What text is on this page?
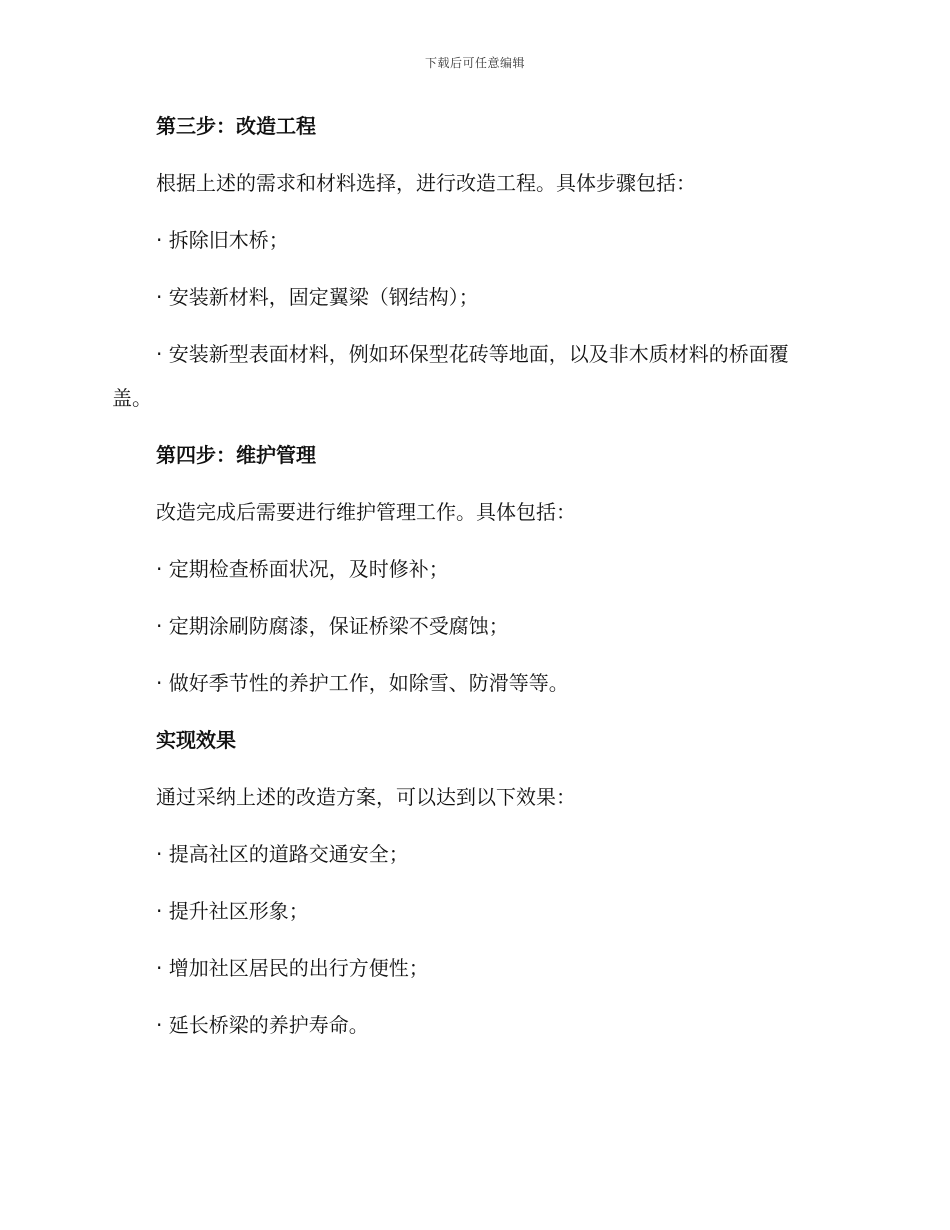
下载后可任意编辑

第三步：改造工程

根据上述的需求和材料选择，进行改造工程。具体步骤包括：

· 拆除旧木桥；

· 安装新材料，固定翼梁（钢结构）；

· 安装新型表面材料，例如环保型花砖等地面，以及非木质材料的桥面覆盖。

第四步：维护管理

改造完成后需要进行维护管理工作。具体包括：

· 定期检查桥面状况，及时修补；

· 定期涂刷防腐漆，保证桥梁不受腐蚀；

· 做好季节性的养护工作，如除雪、防滑等等。

实现效果

通过采纳上述的改造方案，可以达到以下效果：

· 提高社区的道路交通安全；

· 提升社区形象；

· 增加社区居民的出行方便性；

· 延长桥梁的养护寿命。
